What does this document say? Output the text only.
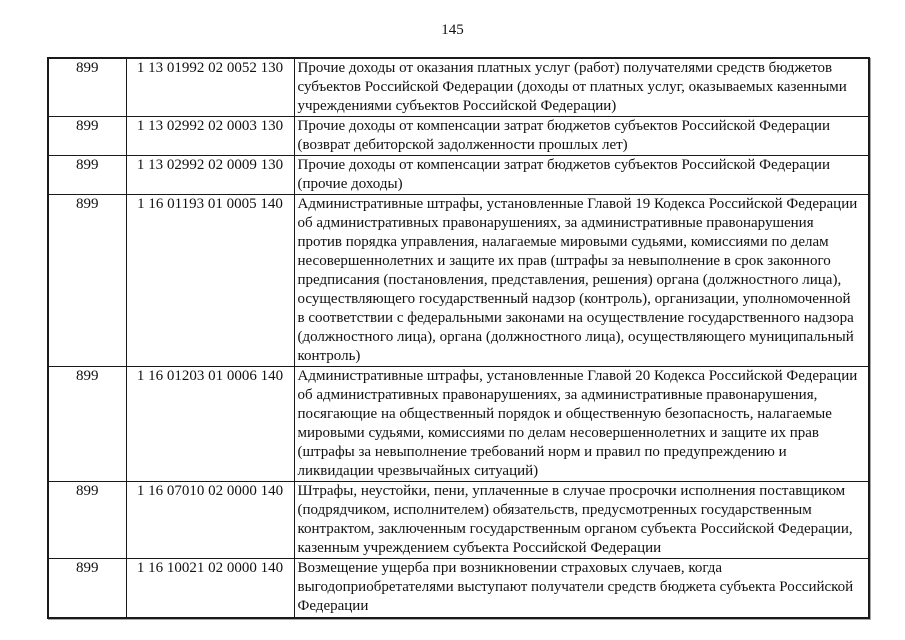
145
899	1 13 01992 02 0052 130	Прочие доходы от оказания платных услуг (работ) получателями средств бюджетов субъектов Российской Федерации (доходы от платных услуг, оказываемых казенными учреждениями субъектов Российской Федерации)
899	1 13 02992 02 0003 130	Прочие доходы от компенсации затрат бюджетов субъектов Российской Федерации (возврат дебиторской задолженности прошлых лет)
899	1 13 02992 02 0009 130	Прочие доходы от компенсации затрат бюджетов субъектов Российской Федерации (прочие доходы)
899	1 16 01193 01 0005 140	Административные штрафы, установленные Главой 19 Кодекса Российской Федерации об административных правонарушениях, за административные правонарушения против порядка управления, налагаемые мировыми судьями, комиссиями по делам несовершеннолетних и защите их прав (штрафы за невыполнение в срок законного предписания (постановления, представления, решения) органа (должностного лица), осуществляющего государственный надзор (контроль), организации, уполномоченной в соответствии с федеральными законами на осуществление государственного надзора (должностного лица), органа (должностного лица), осуществляющего муниципальный контроль)
899	1 16 01203 01 0006 140	Административные штрафы, установленные Главой 20 Кодекса Российской Федерации об административных правонарушениях, за административные правонарушения, посягающие на общественный порядок и общественную безопасность, налагаемые мировыми судьями, комиссиями по делам несовершеннолетних и защите их прав (штрафы за невыполнение требований норм и правил по предупреждению и ликвидации чрезвычайных ситуаций)
899	1 16 07010 02 0000 140	Штрафы, неустойки, пени, уплаченные в случае просрочки исполнения поставщиком (подрядчиком, исполнителем) обязательств, предусмотренных государственным контрактом, заключенным государственным органом субъекта Российской Федерации, казенным учреждением субъекта Российской Федерации
899	1 16 10021 02 0000 140	Возмещение ущерба при возникновении страховых случаев, когда выгодоприобретателями выступают получатели средств бюджета субъекта Российской Федерации
